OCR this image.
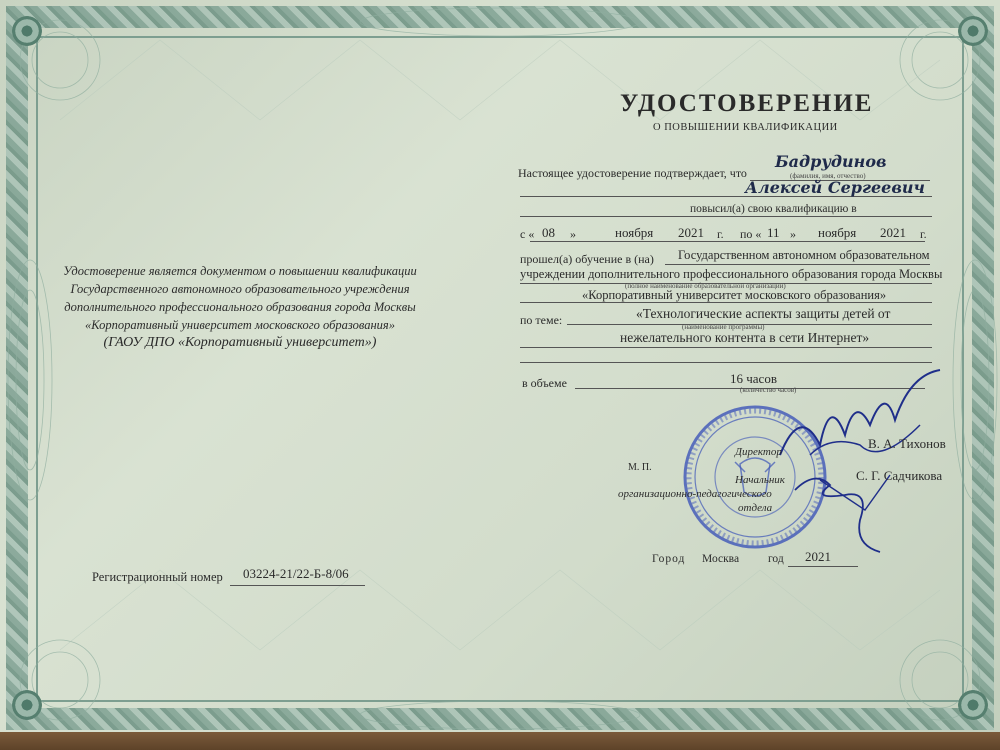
Удостоверение является документом о повышении квалификации
Государственного автономного образовательного учреждения
дополнительного профессионального образования города Москвы
«Корпоративный университет московского образования»
(ГАОУ ДПО «Корпоративный университет»)
Регистрационный номер 03224-21/22-Б-8/06
УДОСТОВЕРЕНИЕ
О ПОВЫШЕНИИ КВАЛИФИКАЦИИ
Настоящее удостоверение подтверждает, что
Бадрудинов
(фамилия, имя, отчество)
Алексей Сергеевич
повысил(а) свою квалификацию в
с « 08 »	ноября 2021 г. по « 11 » ноября 2021 г.
прошел(а) обучение в (на) Государственном автономном образовательном
учреждении дополнительного профессионального образования города Москвы
(полное наименование образовательной организации)
«Корпоративный университет московского образования»
по теме:	«Технологические аспекты защиты детей от
(наименование программы)
нежелательного контента в сети Интернет»
в объеме	16 часов
(количество часов)
В. А. Тихонов
Директор
М. П.
С. Г. Садчикова
Начальник
организационно-педагогического
отдела
Город Москва	год 2021
